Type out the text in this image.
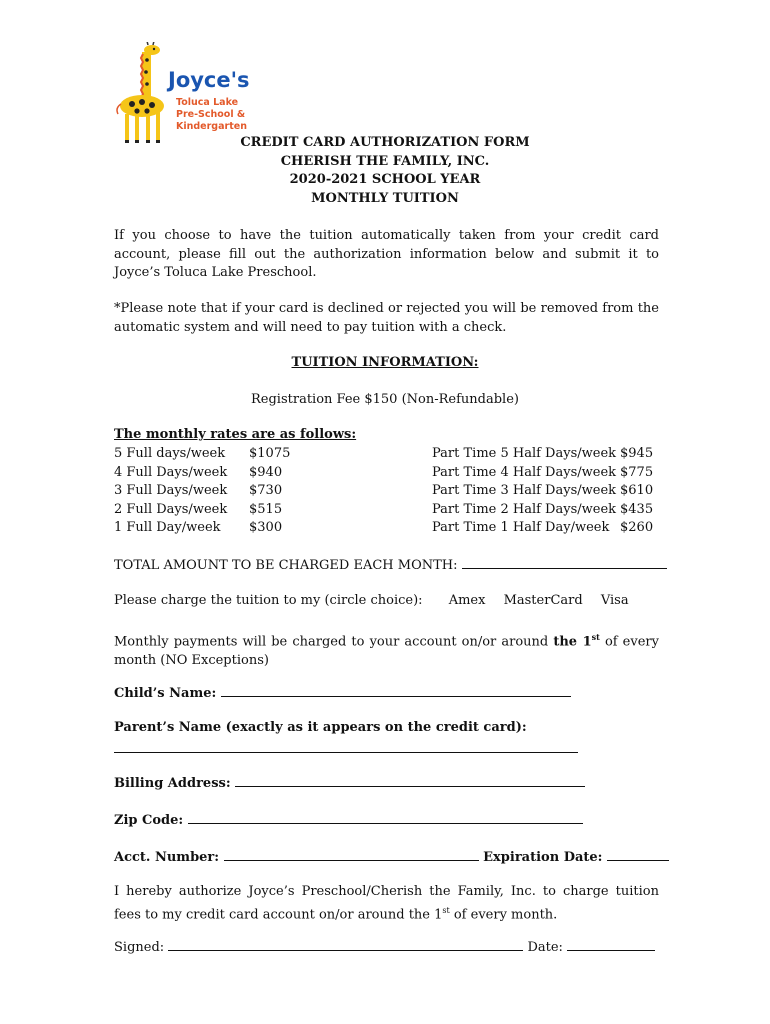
Joyce's
Toluca Lake
Pre-School &
Kindergarten
CREDIT CARD AUTHORIZATION FORM
CHERISH THE FAMILY, INC.
2020-2021 SCHOOL YEAR
MONTHLY TUITION
If you choose to have the tuition automatically taken from your credit card account, please fill out the authorization information below and submit it to Joyce’s Toluca Lake Preschool.
*Please note that if your card is declined or rejected you will be removed from the automatic system and will need to pay tuition with a check.
TUITION INFORMATION:
Registration Fee $150 (Non-Refundable)
The monthly rates are as follows:
5 Full days/week	$1075
4 Full Days/week	$940
3 Full Days/week	$730
2 Full Days/week	$515
1 Full Day/week	$300
Part Time 5 Half Days/week $945
Part Time 4 Half Days/week $775
Part Time 3 Half Days/week $610
Part Time 2 Half Days/week $435
Part Time 1 Half Day/week $260
TOTAL AMOUNT TO BE CHARGED EACH MONTH:
Please charge the tuition to my (circle choice): Amex MasterCard Visa
Monthly payments will be charged to your account on/or around the 1st of every month (NO Exceptions)
Child’s Name:
Parent’s Name (exactly as it appears on the credit card):
Billing Address:
Zip Code:
Acct. Number:	Expiration Date:
I hereby authorize Joyce’s Preschool/Cherish the Family, Inc. to charge tuition fees to my credit card account on/or around the 1st of every month.
Signed:	Date:
